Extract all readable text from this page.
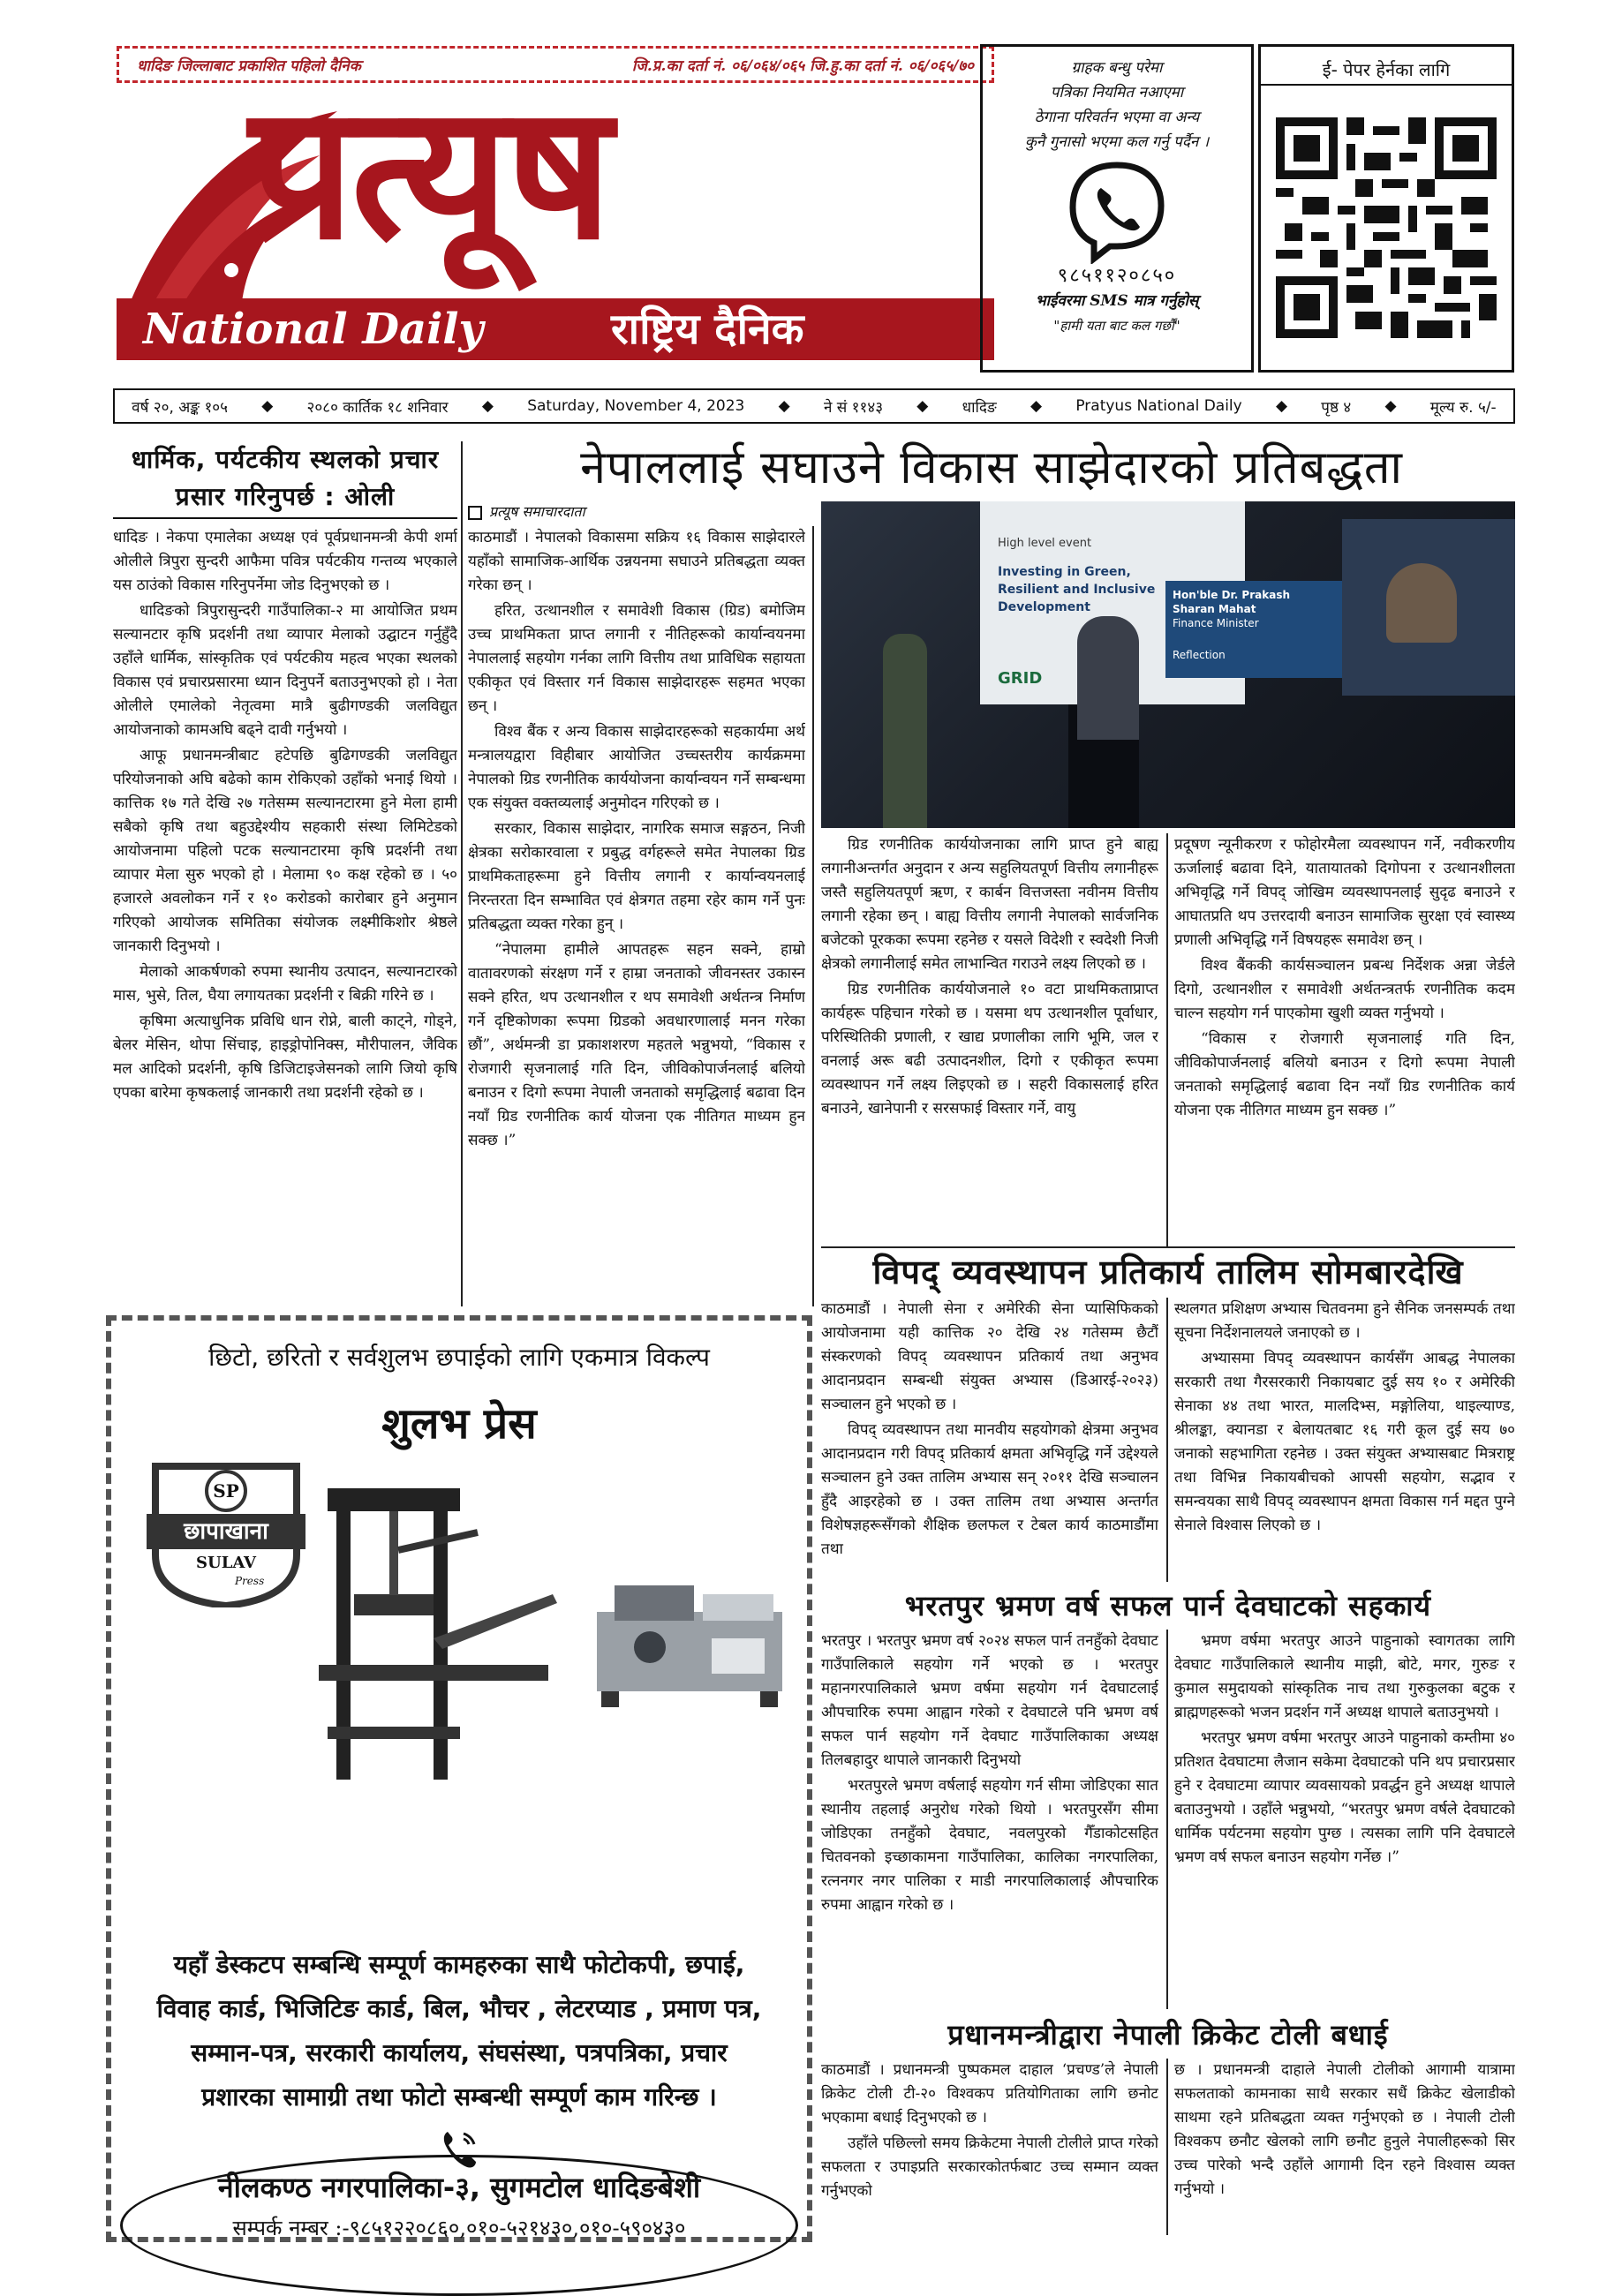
धादिङ जिल्लाबाट प्रकाशित पहिलो दैनिक	जि.प्र.का दर्ता नं. ०६/०६४/०६५ जि.हु.का दर्ता नं. ०६/०६५/७०
प्रत्यूष
National Daily	राष्ट्रिय दैनिक
ग्राहक बन्धु परेमा
पत्रिका नियमित नआएमा
ठेगाना परिवर्तन भएमा वा अन्य
कुनै गुनासो भएमा कल गर्नु पर्दैन ।
९८५११२०८५०
भाईवरमा SMS मात्र गर्नुहोस्
"हामी यता बाट कल गर्छौं"
ई- पेपर हेर्नका लागि
वर्ष २०, अङ्क १०५ ◆ २०८० कार्तिक १८ शनिवार ◆ Saturday, November 4, 2023 ◆ ने सं ११४३ ◆ धादिङ ◆ Pratyus National Daily ◆ पृष्ठ ४ ◆ मूल्य रु. ५/-
धार्मिक, पर्यटकीय स्थलको प्रचार प्रसार गरिनुपर्छ : ओली

धादिङ । नेकपा एमालेका अध्यक्ष एवं पूर्वप्रधानमन्त्री केपी शर्मा ओलीले त्रिपुरा सुन्दरी आफैमा पवित्र पर्यटकीय गन्तव्य भएकाले यस ठाउंको विकास गरिनुपर्नेमा जोड दिनुभएको छ ।

धादिङको त्रिपुरासुन्दरी गाउँपालिका-२ मा आयोजित प्रथम सल्यानटार कृषि प्रदर्शनी तथा व्यापार मेलाको उद्घाटन गर्नुहुँदै उहाँले धार्मिक, सांस्कृतिक एवं पर्यटकीय महत्व भएका स्थलको विकास एवं प्रचारप्रसारमा ध्यान दिनुपर्ने बताउनुभएको हो । नेता ओलीले एमालेको नेतृत्वमा मात्रै बुढीगण्डकी जलविद्युत आयोजनाको कामअघि बढ्ने दावी गर्नुभयो ।

आफू प्रधानमन्त्रीबाट हटेपछि बुढिगण्डकी जलविद्युत परियोजनाको अघि बढेको काम रोकिएको उहाँको भनाई थियो । कात्तिक १७ गते देखि २७ गतेसम्म सल्यानटारमा हुने मेला हामी सबैको कृषि तथा बहुउद्देश्यीय सहकारी संस्था लिमिटेडको आयोजनामा पहिलो पटक सल्यानटारमा कृषि प्रदर्शनी तथा व्यापार मेला सुरु भएको हो । मेलामा ९० कक्ष रहेको छ । ५० हजारले अवलोकन गर्ने र १० करोडको कारोबार हुने अनुमान गरिएको आयोजक समितिका संयोजक लक्ष्मीकिशोर श्रेष्ठले जानकारी दिनुभयो ।

मेलाको आकर्षणको रुपमा स्थानीय उत्पादन, सल्यानटारको मास, भुसे, तिल, घैया लगायतका प्रदर्शनी र बिक्री गरिने छ ।

कृषिमा अत्याधुनिक प्रविधि धान रोप्ने, बाली काट्ने, गोड्ने, बेलर मेसिन, थोपा सिंचाइ, हाइड्रोपोनिक्स, मौरीपालन, जैविक मल आदिको प्रदर्शनी, कृषि डिजिटाइजेसनको लागि जियो कृषि एपका बारेमा कृषकलाई जानकारी तथा प्रदर्शनी रहेको छ ।

नेपाललाई सघाउने विकास साझेदारको प्रतिबद्धता
प्रत्यूष समाचारदाता

काठमाडौं । नेपालको विकासमा सक्रिय १६ विकास साझेदारले यहाँको सामाजिक-आर्थिक उन्नयनमा सघाउने प्रतिबद्धता व्यक्त गरेका छन् ।

हरित, उत्थानशील र समावेशी विकास (ग्रिड) बमोजिम उच्च प्राथमिकता प्राप्त लगानी र नीतिहरूको कार्यान्वयनमा नेपाललाई सहयोग गर्नका लागि वित्तीय तथा प्राविधिक सहायता एकीकृत एवं विस्तार गर्न विकास साझेदारहरू सहमत भएका छन् ।

विश्व बैंक र अन्य विकास साझेदारहरूको सहकार्यमा अर्थ मन्त्रालयद्वारा विहीबार आयोजित उच्चस्तरीय कार्यक्रममा नेपालको ग्रिड रणनीतिक कार्ययोजना कार्यान्वयन गर्ने सम्बन्धमा एक संयुक्त वक्तव्यलाई अनुमोदन गरिएको छ ।

सरकार, विकास साझेदार, नागरिक समाज सङ्गठन, निजी क्षेत्रका सरोकारवाला र प्रबुद्ध वर्गहरूले समेत नेपालका ग्रिड प्राथमिकताहरूमा हुने वित्तीय लगानी र कार्यान्वयनलाई निरन्तरता दिन सम्भावित एवं क्षेत्रगत तहमा रहेर काम गर्ने पुनः प्रतिबद्धता व्यक्त गरेका हुन् ।

“नेपालमा हामीले आपतहरू सहन सक्ने, हाम्रो वातावरणको संरक्षण गर्ने र हाम्रा जनताको जीवनस्तर उकास्न सक्ने हरित, थप उत्थानशील र थप समावेशी अर्थतन्त्र निर्माण गर्ने दृष्टिकोणका रूपमा ग्रिडको अवधारणालाई मनन गरेका छौं”, अर्थमन्त्री डा प्रकाशशरण महतले भन्नुभयो, “विकास र रोजगारी सृजनालाई गति दिन, जीविकोपार्जनलाई बलियो बनाउन र दिगो रूपमा नेपाली जनताको समृद्धिलाई बढावा दिन नयाँ ग्रिड रणनीतिक कार्य योजना एक नीतिगत माध्यम हुन सक्छ ।”

High level event
Investing in Green, Resilient and Inclusive Development
GRID
Hon'ble Dr. Prakash Sharan Mahat
Finance Minister
Reflection

ग्रिड रणनीतिक कार्ययोजनाका लागि प्राप्त हुने बाह्य लगानीअन्तर्गत अनुदान र अन्य सहुलियतपूर्ण वित्तीय लगानीहरू जस्तै सहुलियतपूर्ण ऋण, र कार्बन वित्तजस्ता नवीनम वित्तीय लगानी रहेका छन् । बाह्य वित्तीय लगानी नेपालको सार्वजनिक बजेटको पूरकका रूपमा रहनेछ र यसले विदेशी र स्वदेशी निजी क्षेत्रको लगानीलाई समेत लाभान्वित गराउने लक्ष्य लिएको छ ।

ग्रिड रणनीतिक कार्ययोजनाले १० वटा प्राथमिकताप्राप्त कार्यहरू पहिचान गरेको छ । यसमा थप उत्थानशील पूर्वाधार, परिस्थितिकी प्रणाली, र खाद्य प्रणालीका लागि भूमि, जल र वनलाई अरू बढी उत्पादनशील, दिगो र एकीकृत रूपमा व्यवस्थापन गर्ने लक्ष्य लिइएको छ । सहरी विकासलाई हरित बनाउने, खानेपानी र सरसफाई विस्तार गर्ने, वायु

प्रदूषण न्यूनीकरण र फोहोरमैला व्यवस्थापन गर्ने, नवीकरणीय ऊर्जालाई बढावा दिने, यातायातको दिगोपना र उत्थानशीलता अभिवृद्धि गर्ने विपद् जोखिम व्यवस्थापनलाई सुदृढ बनाउने र आघातप्रति थप उत्तरदायी बनाउन सामाजिक सुरक्षा एवं स्वास्थ्य प्रणाली अभिवृद्धि गर्ने विषयहरू समावेश छन् ।

विश्व बैंककी कार्यसञ्चालन प्रबन्ध निर्देशक अन्ना जेर्डले दिगो, उत्थानशील र समावेशी अर्थतन्त्रतर्फ रणनीतिक कदम चाल्न सहयोग गर्न पाएकोमा खुशी व्यक्त गर्नुभयो ।

“विकास र रोजगारी सृजनालाई गति दिन, जीविकोपार्जनलाई बलियो बनाउन र दिगो रूपमा नेपाली जनताको समृद्धिलाई बढावा दिन नयाँ ग्रिड रणनीतिक कार्य योजना एक नीतिगत माध्यम हुन सक्छ ।”

विपद् व्यवस्थापन प्रतिकार्य तालिम सोमबारदेखि

काठमाडौं । नेपाली सेना र अमेरिकी सेना प्यासिफिकको आयोजनामा यही कात्तिक २० देखि २४ गतेसम्म छैटौं संस्करणको विपद् व्यवस्थापन प्रतिकार्य तथा अनुभव आदानप्रदान सम्बन्धी संयुक्त अभ्यास (डिआरई-२०२३) सञ्चालन हुने भएको छ ।

विपद् व्यवस्थापन तथा मानवीय सहयोगको क्षेत्रमा अनुभव आदानप्रदान गरी विपद् प्रतिकार्य क्षमता अभिवृद्धि गर्ने उद्देश्यले सञ्चालन हुने उक्त तालिम अभ्यास सन् २०११ देखि सञ्चालन हुँदै आइरहेको छ । उक्त तालिम तथा अभ्यास अन्तर्गत विशेषज्ञहरूसँगको शैक्षिक छलफल र टेबल कार्य काठमाडौंमा तथा

स्थलगत प्रशिक्षण अभ्यास चितवनमा हुने सैनिक जनसम्पर्क तथा सूचना निर्देशनालयले जनाएको छ ।

अभ्यासमा विपद् व्यवस्थापन कार्यसँग आबद्ध नेपालका सरकारी तथा गैरसरकारी निकायबाट दुई सय १० र अमेरिकी सेनाका ४४ तथा भारत, मालदिभ्स, मङ्गोलिया, थाइल्याण्ड, श्रीलङ्का, क्यानडा र बेलायतबाट १६ गरी कूल दुई सय ७० जनाको सहभागिता रहनेछ । उक्त संयुक्त अभ्यासबाट मित्रराष्ट्र तथा विभिन्न निकायबीचको आपसी सहयोग, सद्भाव र समन्वयका साथै विपद् व्यवस्थापन क्षमता विकास गर्न मद्दत पुग्ने सेनाले विश्वास लिएको छ ।

भरतपुर भ्रमण वर्ष सफल पार्न देवघाटको सहकार्य

भरतपुर । भरतपुर भ्रमण वर्ष २०२४ सफल पार्न तनहुँको देवघाट गाउँपालिकाले सहयोग गर्ने भएको छ । भरतपुर महानगरपालिकाले भ्रमण वर्षमा सहयोग गर्न देवघाटलाई औपचारिक रुपमा आह्वान गरेको र देवघाटले पनि भ्रमण वर्ष सफल पार्न सहयोग गर्ने देवघाट गाउँपालिकाका अध्यक्ष तिलबहादुर थापाले जानकारी दिनुभयो

भरतपुरले भ्रमण वर्षलाई सहयोग गर्न सीमा जोडिएका सात स्थानीय तहलाई अनुरोध गरेको थियो । भरतपुरसँग सीमा जोडिएका तनहुँको देवघाट, नवलपुरको गैँडाकोटसहित चितवनको इच्छाकामना गाउँपालिका, कालिका नगरपालिका, रत्ननगर नगर पालिका र माडी नगरपालिकालाई औपचारिक रुपमा आह्वान गरेको छ ।

भ्रमण वर्षमा भरतपुर आउने पाहुनाको स्वागतका लागि देवघाट गाउँपालिकाले स्थानीय माझी, बोटे, मगर, गुरुङ र कुमाल समुदायको सांस्कृतिक नाच तथा गुरुकुलका बटुक र ब्राह्मणहरूको भजन प्रदर्शन गर्ने अध्यक्ष थापाले बताउनुभयो ।

भरतपुर भ्रमण वर्षमा भरतपुर आउने पाहुनाको कम्तीमा ४० प्रतिशत देवघाटमा लैजान सकेमा देवघाटको पनि थप प्रचारप्रसार हुने र देवघाटमा व्यापार व्यवसायको प्रवर्द्धन हुने अध्यक्ष थापाले बताउनुभयो । उहाँले भन्नुभयो, “भरतपुर भ्रमण वर्षले देवघाटको धार्मिक पर्यटनमा सहयोग पुग्छ । त्यसका लागि पनि देवघाटले भ्रमण वर्ष सफल बनाउन सहयोग गर्नेछ ।”

प्रधानमन्त्रीद्वारा नेपाली क्रिकेट टोली बधाई

काठमाडौं । प्रधानमन्त्री पुष्पकमल दाहाल ‘प्रचण्ड’ले नेपाली क्रिकेट टोली टी-२० विश्वकप प्रतियोगिताका लागि छनोट भएकामा बधाई दिनुभएको छ ।

उहाँले पछिल्लो समय क्रिकेटमा नेपाली टोलीले प्राप्त गरेको सफलता र उपाइप्रति सरकारकोतर्फबाट उच्च सम्मान व्यक्त गर्नुभएको

छ । प्रधानमन्त्री दाहाले नेपाली टोलीको आगामी यात्रामा सफलताको कामनाका साथै सरकार सधैं क्रिकेट खेलाडीको साथमा रहने प्रतिबद्धता व्यक्त गर्नुभएको छ । नेपाली टोली विश्वकप छनौट खेलको लागि छनौट हुनुले नेपालीहरूको सिर उच्च पारेको भन्दै उहाँले आगामी दिन रहने विश्वास व्यक्त गर्नुभयो ।

छिटो, छरितो र सर्वशुलभ छपाईको लागि एकमात्र विकल्प
शुलभ प्रेस
SP
छापाखाना
SULAV
Press
यहाँ डेस्कटप सम्बन्धि सम्पूर्ण कामहरुका साथै फोटोकपी, छपाई,
विवाह कार्ड, भिजिटिङ कार्ड, बिल, भौचर , लेटरप्याड , प्रमाण पत्र,
सम्मान-पत्र, सरकारी कार्यालय, संघसंस्था, पत्रपत्रिका, प्रचार
प्रशारका सामाग्री तथा फोटो सम्बन्धी सम्पूर्ण काम गरिन्छ ।
नीलकण्ठ नगरपालिका-३, सुगमटोल धादिङबेशी
सम्पर्क नम्बर :-९८५१२२०८६०,०१०-५२१४३०,०१०-५९०४३०
